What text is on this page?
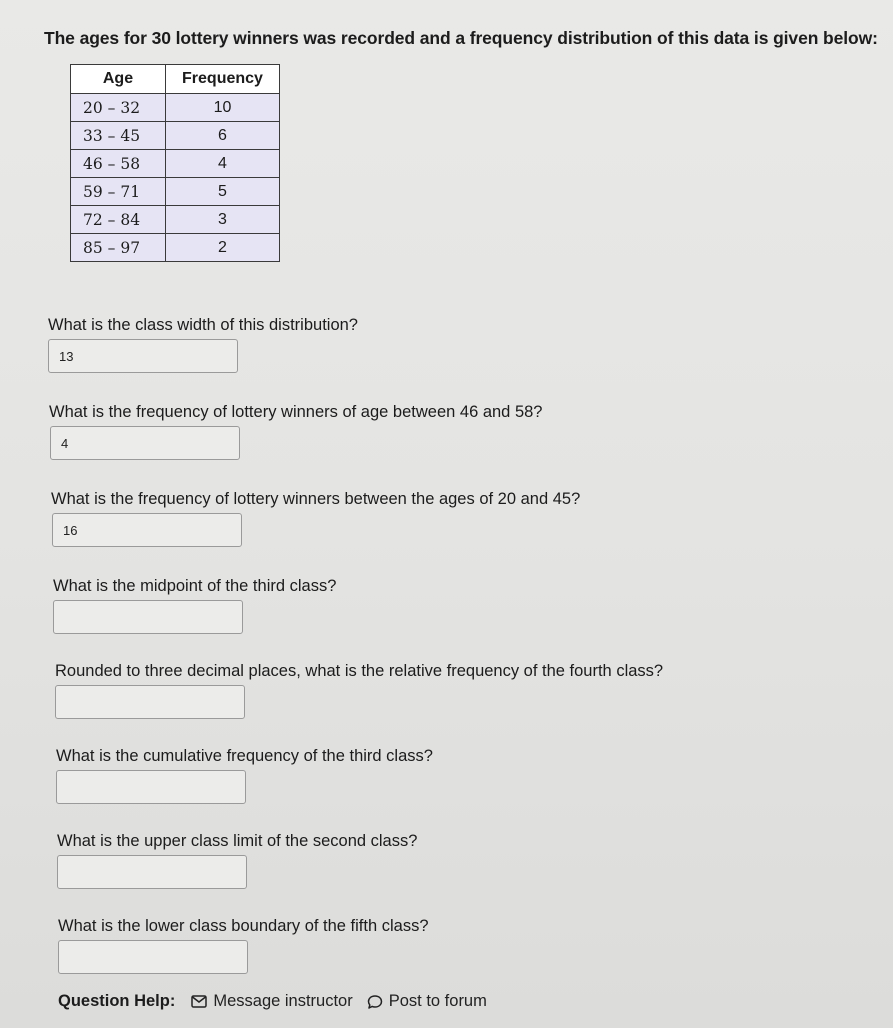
The ages for 30 lottery winners was recorded and a frequency distribution of this data is given below:
Age	Frequency
20 – 32	10
33 – 45	6
46 – 58	4
59 – 71	5
72 – 84	3
85 – 97	2
What is the class width of this distribution?
13
What is the frequency of lottery winners of age between 46 and 58?
4
What is the frequency of lottery winners between the ages of 20 and 45?
16
What is the midpoint of the third class?
Rounded to three decimal places, what is the relative frequency of the fourth class?
What is the cumulative frequency of the third class?
What is the upper class limit of the second class?
What is the lower class boundary of the fifth class?
Question Help: Message instructor Post to forum
